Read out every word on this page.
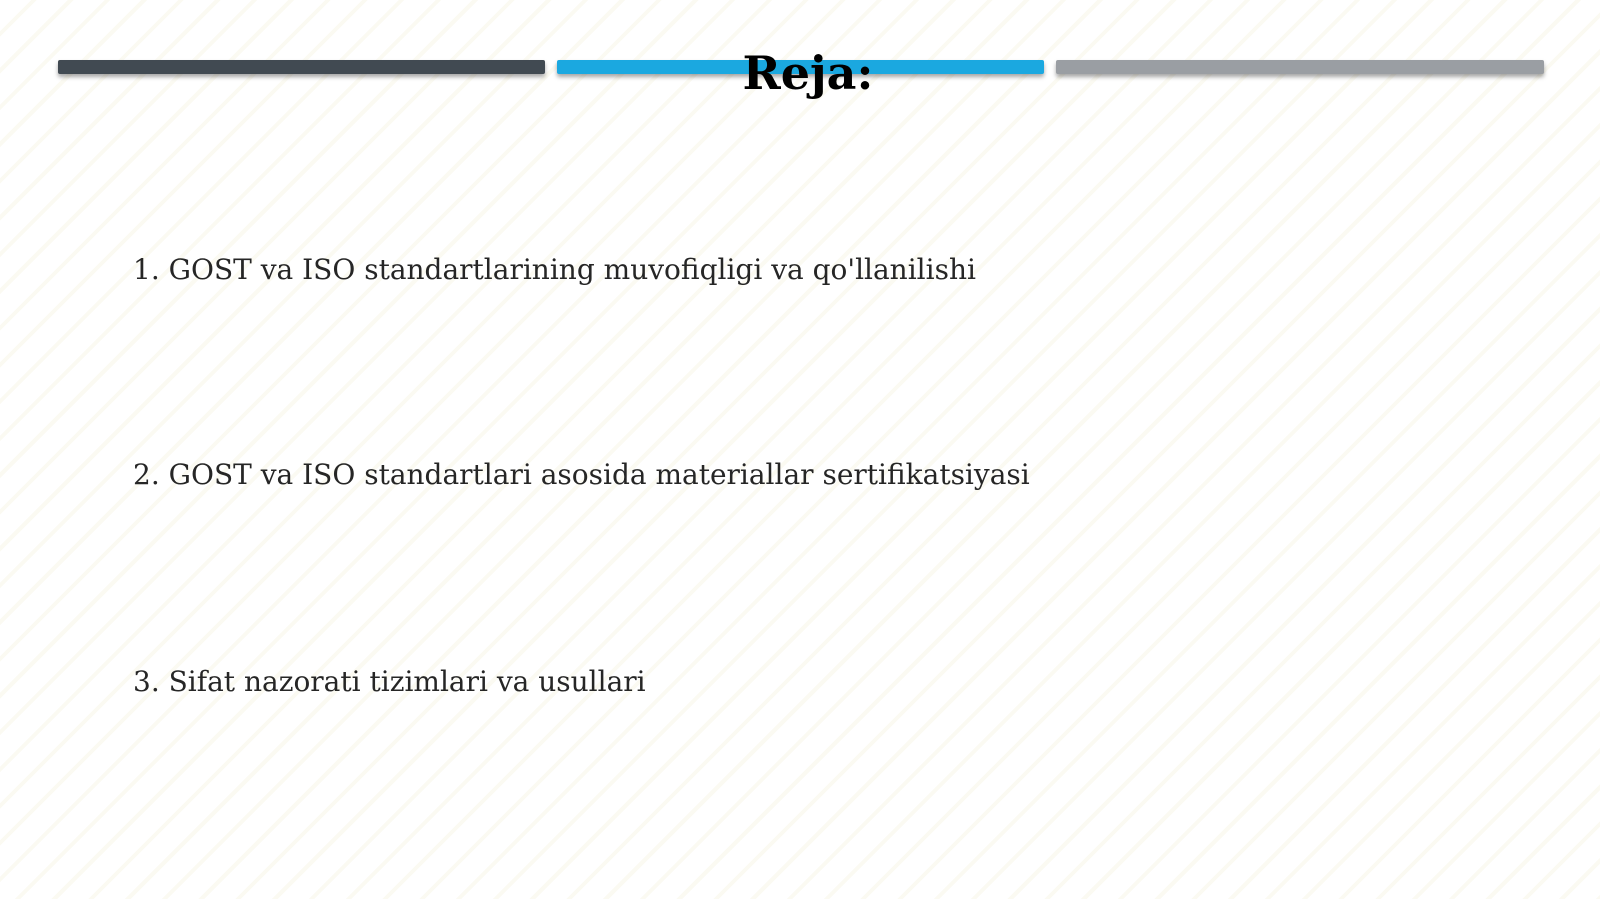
Reja:
1. GOST va ISO standartlarining muvofiqligi va qo'llanilishi
2. GOST va ISO standartlari asosida materiallar sertifikatsiyasi
3. Sifat nazorati tizimlari va usullari
